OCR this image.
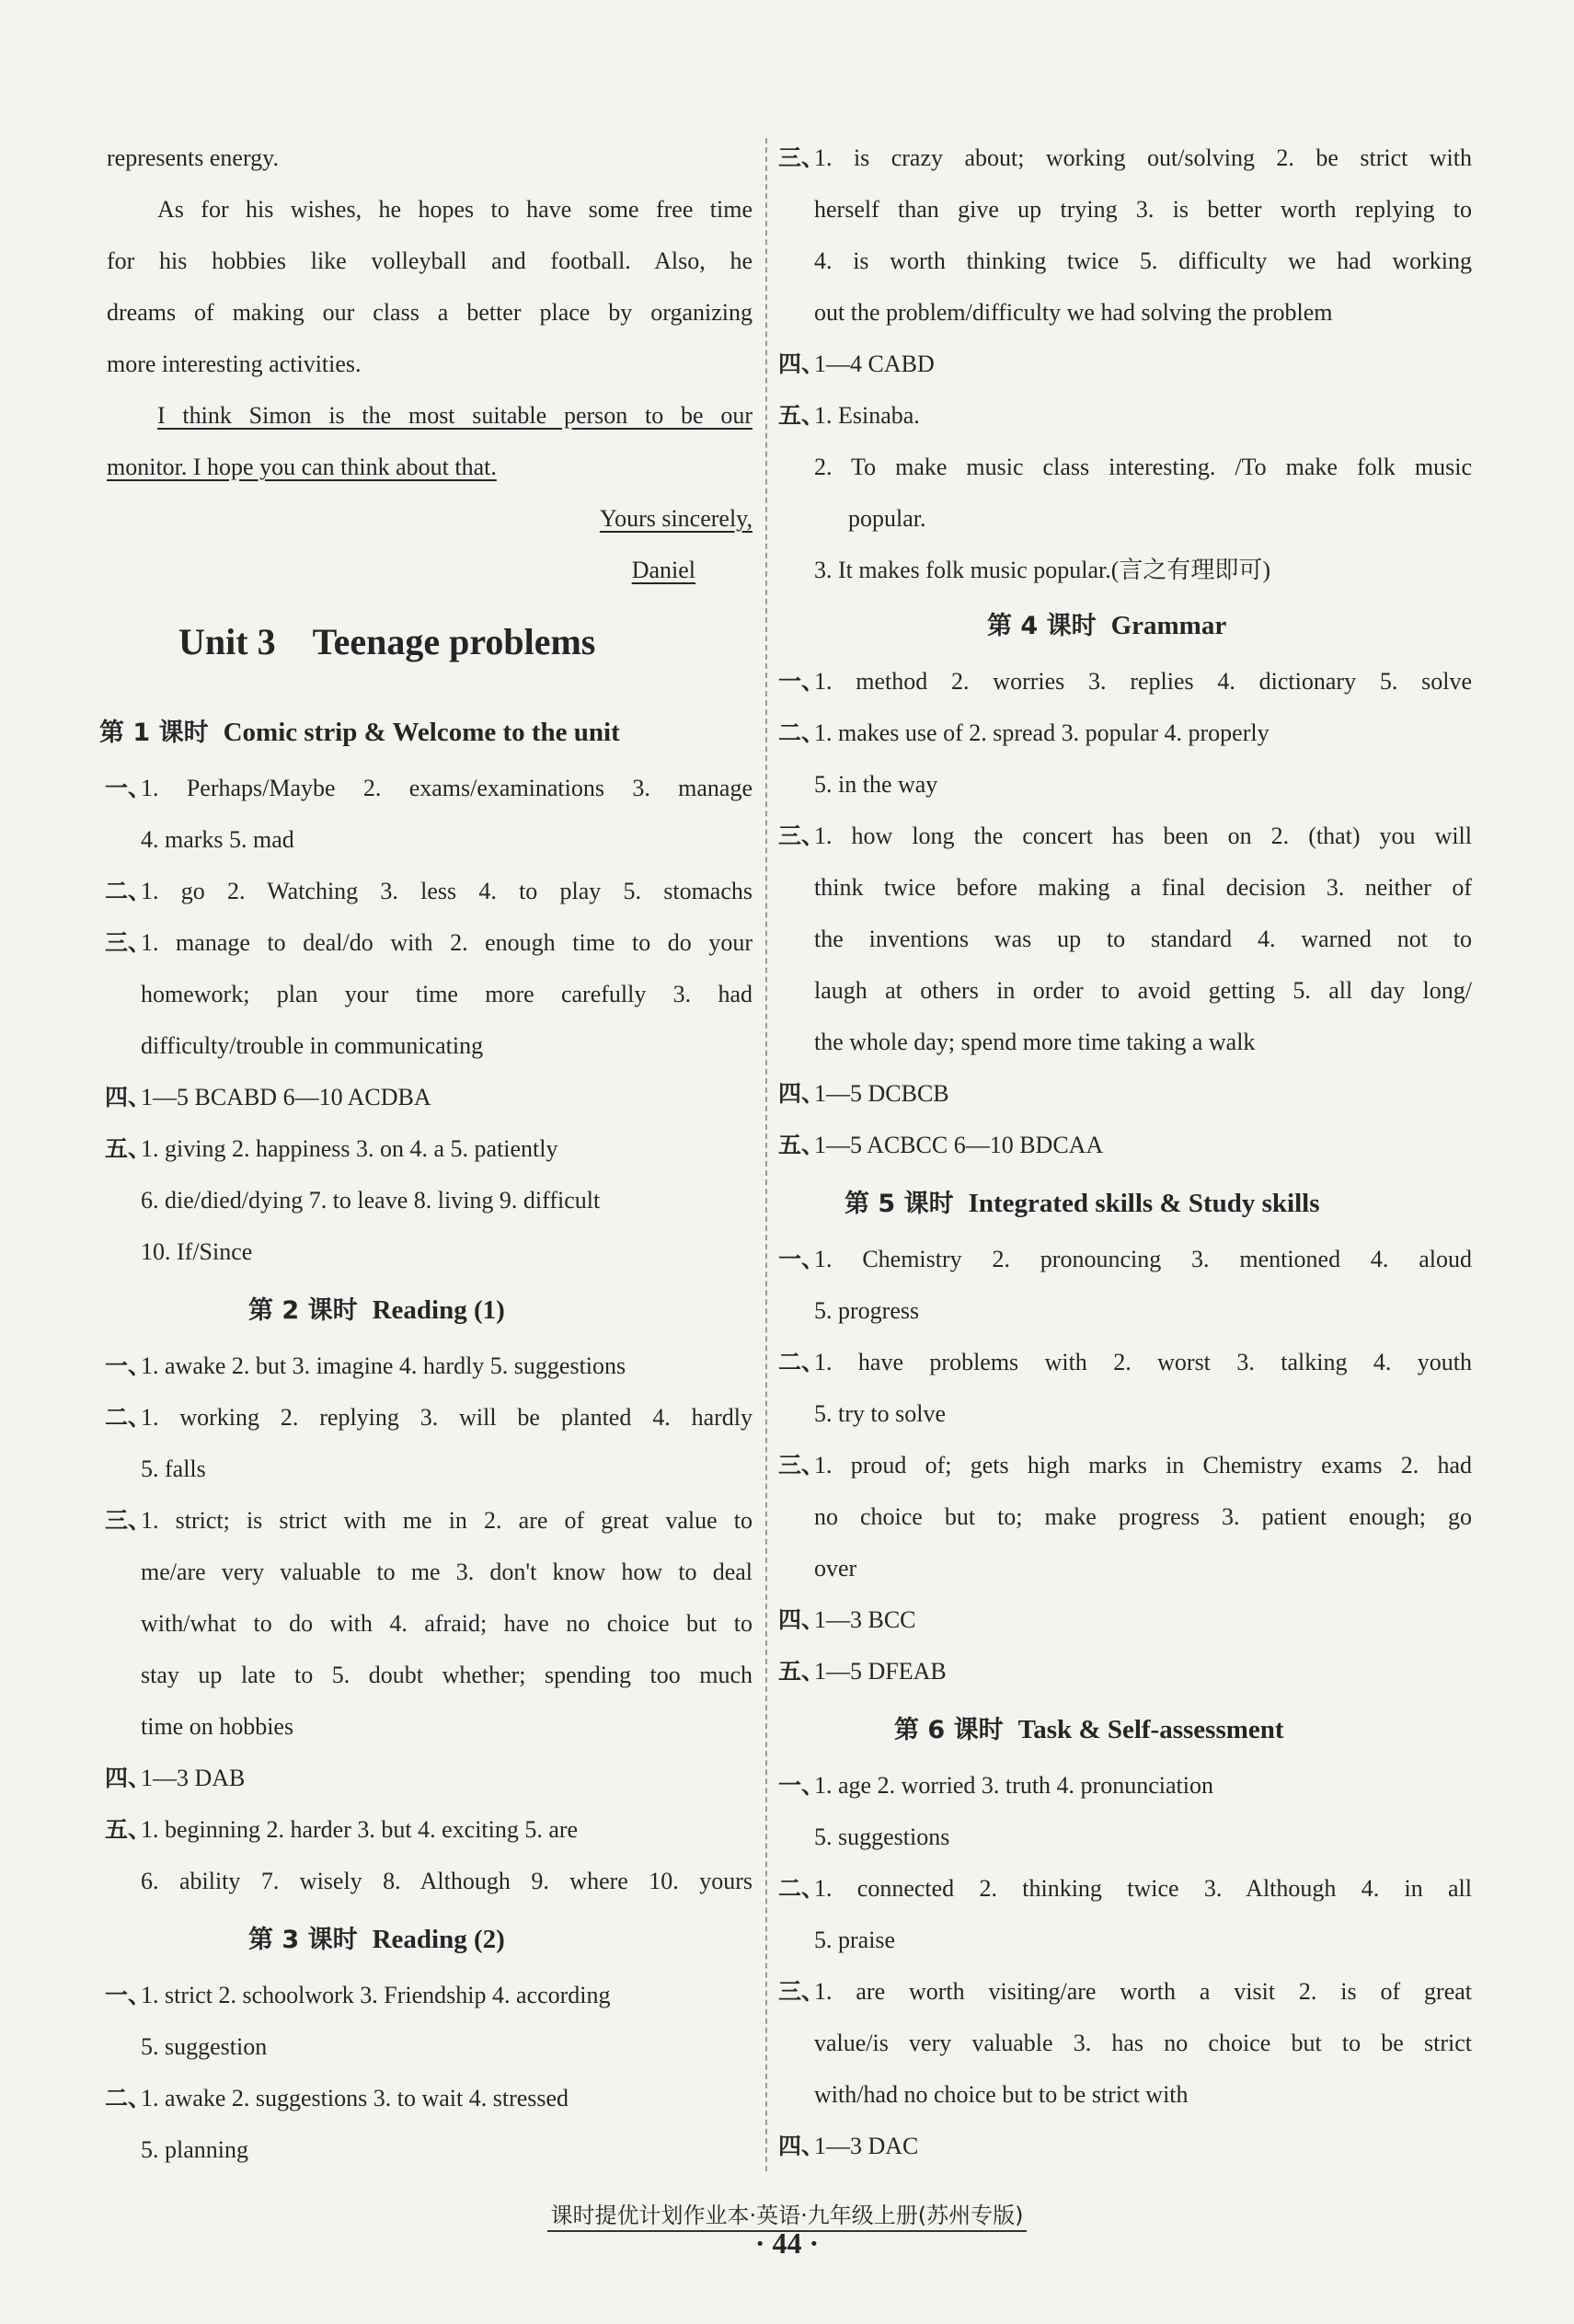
represents energy.
As for his wishes, he hopes to have some free time
for his hobbies like volleyball and football. Also, he
dreams of making our class a better place by organizing
more interesting activities.
I think Simon is the most suitable person to be our
monitor. I hope you can think about that.
Yours sincerely,
Daniel
Unit 3　Teenage problems
第 1 课时 Comic strip & Welcome to the unit
一、
1. Perhaps/Maybe 2. exams/examinations 3. manage
4. marks 5. mad
二、
1. go 2. Watching 3. less 4. to play 5. stomachs
三、
1. manage to deal/do with 2. enough time to do your
homework; plan your time more carefully 3. had
difficulty/trouble in communicating
四、
1—5 BCABD 6—10 ACDBA
五、
1. giving 2. happiness 3. on 4. a 5. patiently
6. die/died/dying 7. to leave 8. living 9. difficult
10. If/Since
第 2 课时 Reading (1)
一、
1. awake 2. but 3. imagine 4. hardly 5. suggestions
二、
1. working 2. replying 3. will be planted 4. hardly
5. falls
三、
1. strict; is strict with me in 2. are of great value to
me/are very valuable to me 3. don't know how to deal
with/what to do with 4. afraid; have no choice but to
stay up late to 5. doubt whether; spending too much
time on hobbies
四、
1—3 DAB
五、
1. beginning 2. harder 3. but 4. exciting 5. are
6. ability 7. wisely 8. Although 9. where 10. yours
第 3 课时 Reading (2)
一、
1. strict 2. schoolwork 3. Friendship 4. according
5. suggestion
二、
1. awake 2. suggestions 3. to wait 4. stressed
5. planning
三、
1. is crazy about; working out/solving 2. be strict with
herself than give up trying 3. is better worth replying to
4. is worth thinking twice 5. difficulty we had working
out the problem/difficulty we had solving the problem
四、
1—4 CABD
五、
1. Esinaba.
2. To make music class interesting. /To make folk music
popular.
3. It makes folk music popular.(言之有理即可)
第 4 课时 Grammar
一、
1. method 2. worries 3. replies 4. dictionary 5. solve
二、
1. makes use of 2. spread 3. popular 4. properly
5. in the way
三、
1. how long the concert has been on 2. (that) you will
think twice before making a final decision 3. neither of
the inventions was up to standard 4. warned not to
laugh at others in order to avoid getting 5. all day long/
the whole day; spend more time taking a walk
四、
1—5 DCBCB
五、
1—5 ACBCC 6—10 BDCAA
第 5 课时 Integrated skills & Study skills
一、
1. Chemistry 2. pronouncing 3. mentioned 4. aloud
5. progress
二、
1. have problems with 2. worst 3. talking 4. youth
5. try to solve
三、
1. proud of; gets high marks in Chemistry exams 2. had
no choice but to; make progress 3. patient enough; go
over
四、
1—3 BCC
五、
1—5 DFEAB
第 6 课时 Task & Self-assessment
一、
1. age 2. worried 3. truth 4. pronunciation
5. suggestions
二、
1. connected 2. thinking twice 3. Although 4. in all
5. praise
三、
1. are worth visiting/are worth a visit 2. is of great
value/is very valuable 3. has no choice but to be strict
with/had no choice but to be strict with
四、
1—3 DAC
课时提优计划作业本·英语·九年级上册(苏州专版)
· 44 ·
